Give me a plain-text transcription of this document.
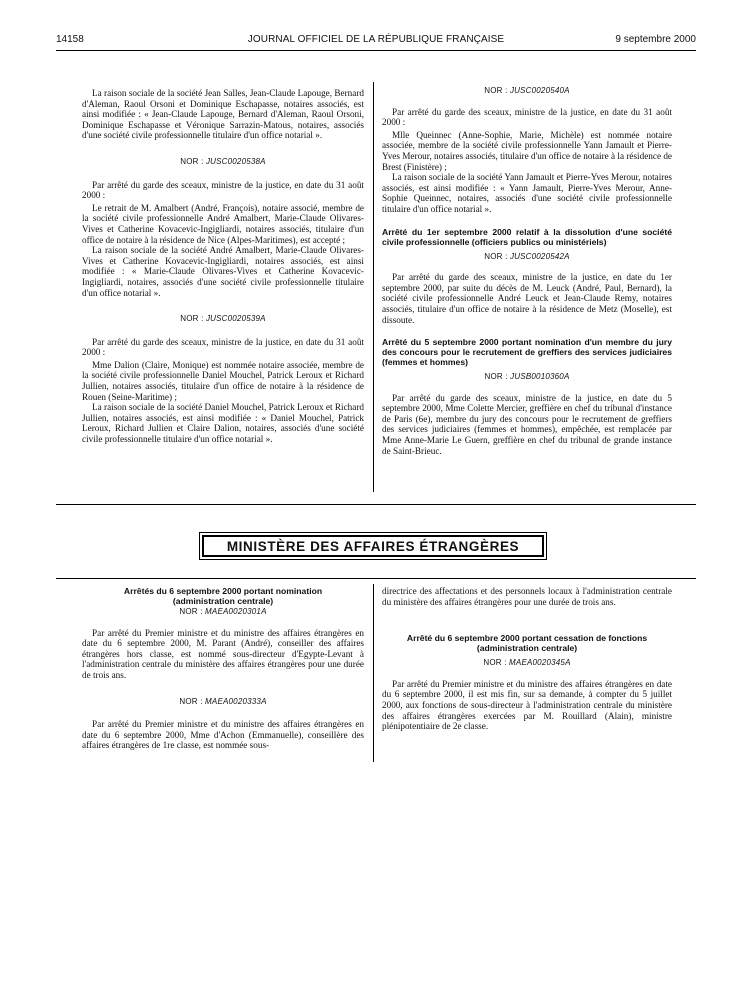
14158	JOURNAL OFFICIEL DE LA RÉPUBLIQUE FRANÇAISE	9 septembre 2000

La raison sociale de la société Jean Salles, Jean-Claude Lapouge, Bernard d'Aleman, Raoul Orsoni et Dominique Eschapasse, notaires associés, est ainsi modifiée : « Jean-Claude Lapouge, Bernard d'Aleman, Raoul Orsoni, Dominique Eschapasse et Véronique Sarrazin-Matous, notaires, associés d'une société civile professionnelle titulaire d'un office notarial ».

NOR : JUSC0020538A

Par arrêté du garde des sceaux, ministre de la justice, en date du 31 août 2000 :

Le retrait de M. Amalbert (André, François), notaire associé, membre de la société civile professionnelle André Amalbert, Marie-Claude Olivares-Vives et Catherine Kovacevic-Ingigliardi, notaires associés, titulaire d'un office de notaire à la résidence de Nice (Alpes-Maritimes), est accepté ;

La raison sociale de la société André Amalbert, Marie-Claude Olivares-Vives et Catherine Kovacevic-Ingigliardi, notaires associés, est ainsi modifiée : « Marie-Claude Olivares-Vives et Catherine Kovacevic-Ingigliardi, notaires, associés d'une société civile professionnelle titulaire d'un office notarial ».

NOR : JUSC0020539A

Par arrêté du garde des sceaux, ministre de la justice, en date du 31 août 2000 :

Mme Dalion (Claire, Monique) est nommée notaire associée, membre de la société civile professionnelle Daniel Mouchel, Patrick Leroux et Richard Jullien, notaires associés, titulaire d'un office de notaire à la résidence de Rouen (Seine-Maritime) ;

La raison sociale de la société Daniel Mouchel, Patrick Leroux et Richard Jullien, notaires associés, est ainsi modifiée : « Daniel Mouchel, Patrick Leroux, Richard Jullien et Claire Dalion, notaires, associés d'une société civile professionnelle titulaire d'un office notarial ».

NOR : JUSC0020540A

Par arrêté du garde des sceaux, ministre de la justice, en date du 31 août 2000 :

Mlle Queinnec (Anne-Sophie, Marie, Michèle) est nommée notaire associée, membre de la société civile professionnelle Yann Jamault et Pierre-Yves Merour, notaires associés, titulaire d'un office de notaire à la résidence de Brest (Finistère) ;

La raison sociale de la société Yann Jamault et Pierre-Yves Merour, notaires associés, est ainsi modifiée : « Yann Jamault, Pierre-Yves Merour, Anne-Sophie Queinnec, notaires, associés d'une société civile professionnelle titulaire d'un office notarial ».

Arrêté du 1er septembre 2000 relatif à la dissolution d'une société civile professionnelle (officiers publics ou ministériels)
NOR : JUSC0020542A

Par arrêté du garde des sceaux, ministre de la justice, en date du 1er septembre 2000, par suite du décès de M. Leuck (André, Paul, Bernard), la société civile professionnelle André Leuck et Jean-Claude Remy, notaires associés, titulaire d'un office de notaire à la résidence de Metz (Moselle), est dissoute.

Arrêté du 5 septembre 2000 portant nomination d'un membre du jury des concours pour le recrutement de greffiers des services judiciaires (femmes et hommes)
NOR : JUSB0010360A

Par arrêté du garde des sceaux, ministre de la justice, en date du 5 septembre 2000, Mme Colette Mercier, greffière en chef du tribunal d'instance de Paris (6e), membre du jury des concours pour le recrutement de greffiers des services judiciaires (femmes et hommes), empêchée, est remplacée par Mme Anne-Marie Le Guern, greffière en chef du tribunal de grande instance de Saint-Brieuc.

MINISTÈRE DES AFFAIRES ÉTRANGÈRES
Arrêtés du 6 septembre 2000 portant nomination (administration centrale)
NOR : MAEA0020301A

Par arrêté du Premier ministre et du ministre des affaires étrangères en date du 6 septembre 2000, M. Parant (André), conseiller des affaires étrangères hors classe, est nommé sous-directeur d'Egypte-Levant à l'administration centrale du ministère des affaires étrangères pour une durée de trois ans.

NOR : MAEA0020333A

Par arrêté du Premier ministre et du ministre des affaires étrangères en date du 6 septembre 2000, Mme d'Achon (Emmanuelle), conseillère des affaires étrangères de 1re classe, est nommée sous-

directrice des affectations et des personnels locaux à l'administration centrale du ministère des affaires étrangères pour une durée de trois ans.

Arrêté du 6 septembre 2000 portant cessation de fonctions (administration centrale)
NOR : MAEA0020345A

Par arrêté du Premier ministre et du ministre des affaires étrangères en date du 6 septembre 2000, il est mis fin, sur sa demande, à compter du 5 juillet 2000, aux fonctions de sous-directeur à l'administration centrale du ministère des affaires étrangères exercées par M. Rouillard (Alain), ministre plénipotentiaire de 2e classe.
